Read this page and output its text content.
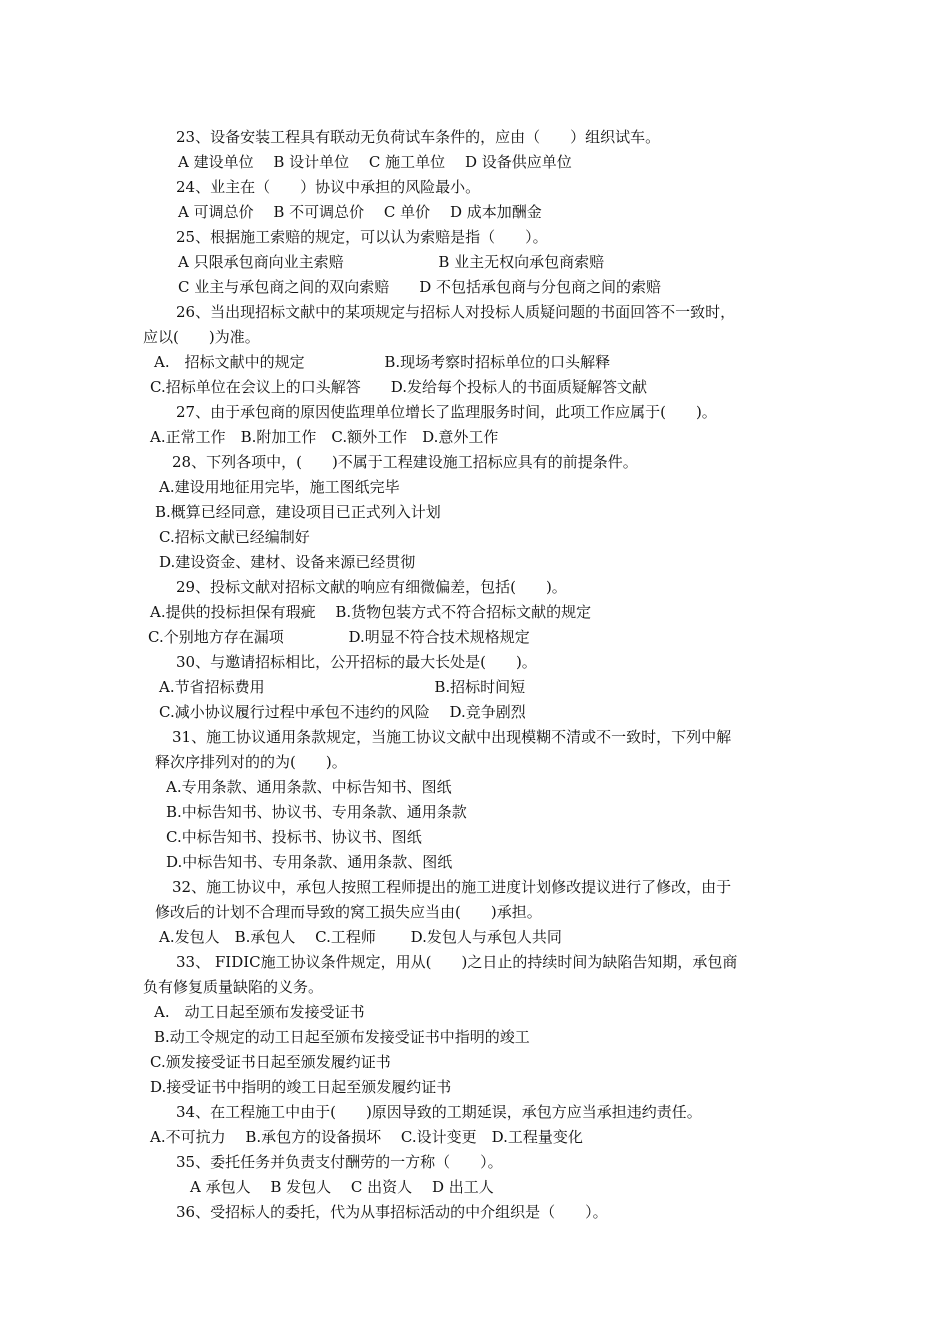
23、设备安装工程具有联动无负荷试车条件的，应由（　　）组织试车。
A 建设单位　 B 设计单位　 C 施工单位　 D 设备供应单位
24、业主在（　　）协议中承担的风险最小。
A 可调总价　 B 不可调总价　 C 单价　 D 成本加酬金
25、根据施工索赔的规定，可以认为索赔是指（　　）。
A 只限承包商向业主索赔　　　　　　 B 业主无权向承包商索赔
C 业主与承包商之间的双向索赔　　D 不包括承包商与分包商之间的索赔
26、当出现招标文献中的某项规定与招标人对投标人质疑问题的书面回答不一致时，
应以(　　)为准。
A.　招标文献中的规定　　　　　 B.现场考察时招标单位的口头解释
C.招标单位在会议上的口头解答　　D.发给每个投标人的书面质疑解答文献
27、由于承包商的原因使监理单位增长了监理服务时间，此项工作应属于(　　)。
A.正常工作　B.附加工作　C.额外工作　D.意外工作
28、下列各项中，(　　)不属于工程建设施工招标应具有的前提条件。
A.建设用地征用完毕，施工图纸完毕
B.概算已经同意，建设项目已正式列入计划
C.招标文献已经编制好
D.建设资金、建材、设备来源已经贯彻
29、投标文献对招标文献的响应有细微偏差，包括(　　)。
A.提供的投标担保有瑕疵　 B.货物包装方式不符合招标文献的规定
C.个别地方存在漏项　　　　 D.明显不符合技术规格规定
30、与邀请招标相比，公开招标的最大长处是(　　)。
A.节省招标费用　　　　　　　　　　　 B.招标时间短
C.减小协议履行过程中承包不违约的风险　 D.竞争剧烈
31、施工协议通用条款规定，当施工协议文献中出现模糊不清或不一致时，下列中解
释次序排列对的的为(　　)。
A.专用条款、通用条款、中标告知书、图纸
B.中标告知书、协议书、专用条款、通用条款
C.中标告知书、投标书、协议书、图纸
D.中标告知书、专用条款、通用条款、图纸
32、施工协议中，承包人按照工程师提出的施工进度计划修改提议进行了修改，由于
修改后的计划不合理而导致的窝工损失应当由(　　)承担。
A.发包人　B.承包人　 C.工程师　　 D.发包人与承包人共同
33、 FIDIC施工协议条件规定，用从(　　)之日止的持续时间为缺陷告知期，承包商
负有修复质量缺陷的义务。
A.　动工日起至颁布发接受证书
B.动工令规定的动工日起至颁布发接受证书中指明的竣工
C.颁发接受证书日起至颁发履约证书
D.接受证书中指明的竣工日起至颁发履约证书
34、在工程施工中由于(　　)原因导致的工期延误，承包方应当承担违约责任。
A.不可抗力　 B.承包方的设备损坏　 C.设计变更　D.工程量变化
35、委托任务并负责支付酬劳的一方称（　　）。
A 承包人　 B 发包人　 C 出资人　 D 出工人
36、受招标人的委托，代为从事招标活动的中介组织是（　　）。
